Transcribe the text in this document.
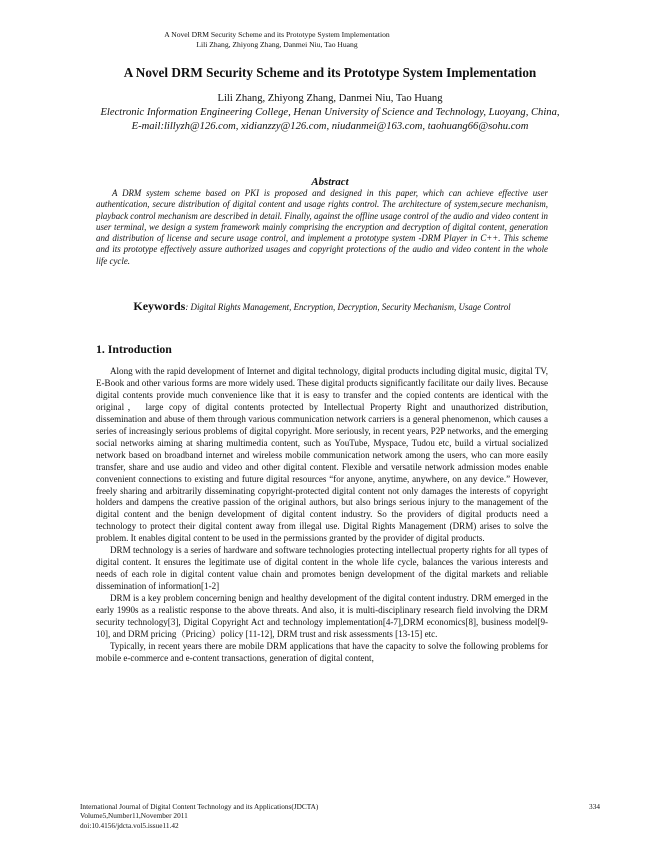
A Novel DRM Security Scheme and its Prototype System Implementation
Lili Zhang, Zhiyong Zhang, Danmei Niu, Tao Huang
A Novel DRM Security Scheme and its Prototype System Implementation
Lili Zhang, Zhiyong Zhang, Danmei Niu, Tao Huang
Electronic Information Engineering College, Henan University of Science and Technology, Luoyang, China,
E-mail:lillyzh@126.com, xidianzzy@126.com, niudanmei@163.com, taohuang66@sohu.com
Abstract
A DRM system scheme based on PKI is proposed and designed in this paper, which can achieve effective user authentication, secure distribution of digital content and usage rights control. The architecture of system,secure mechanism, playback control mechanism are described in detail. Finally, against the offline usage control of the audio and video content in user terminal, we design a system framework mainly comprising the encryption and decryption of digital content, generation and distribution of license and secure usage control, and implement a prototype system -DRM Player in C++. This scheme and its prototype effectively assure authorized usages and copyright protections of the audio and video content in the whole life cycle.
Keywords: Digital Rights Management, Encryption, Decryption, Security Mechanism, Usage Control
1. Introduction

Along with the rapid development of Internet and digital technology, digital products including digital music, digital TV, E-Book and other various forms are more widely used. These digital products significantly facilitate our daily lives. Because digital contents provide much convenience like that it is easy to transfer and the copied contents are identical with the original， large copy of digital contents protected by Intellectual Property Right and unauthorized distribution, dissemination and abuse of them through various communication network carriers is a general phenomenon, which causes a series of increasingly serious problems of digital copyright. More seriously, in recent years, P2P networks, and the emerging social networks aiming at sharing multimedia content, such as YouTube, Myspace, Tudou etc, build a virtual socialized network based on broadband internet and wireless mobile communication network among the users, who can more easily transfer, share and use audio and video and other digital content. Flexible and versatile network admission modes enable convenient connections to existing and future digital resources “for anyone, anytime, anywhere, on any device.” However, freely sharing and arbitrarily disseminating copyright-protected digital content not only damages the interests of copyright holders and dampens the creative passion of the original authors, but also brings serious injury to the management of the digital content and the benign development of digital content industry. So the providers of digital products need a technology to protect their digital content away from illegal use. Digital Rights Management (DRM) arises to solve the problem. It enables digital content to be used in the permissions granted by the provider of digital products.

DRM technology is a series of hardware and software technologies protecting intellectual property rights for all types of digital content. It ensures the legitimate use of digital content in the whole life cycle, balances the various interests and needs of each role in digital content value chain and promotes benign development of the digital markets and reliable dissemination of information[1-2]

DRM is a key problem concerning benign and healthy development of the digital content industry. DRM emerged in the early 1990s as a realistic response to the above threats. And also, it is multi-disciplinary research field involving the DRM security technology[3], Digital Copyright Act and technology implementation[4-7],DRM economics[8], business model[9-10], and DRM pricing（Pricing）policy [11-12], DRM trust and risk assessments [13-15] etc.

Typically, in recent years there are mobile DRM applications that have the capacity to solve the following problems for mobile e-commerce and e-content transactions, generation of digital content,

International Journal of Digital Content Technology and its Applications(JDCTA)
Volume5,Number11,November 2011
doi:10.4156/jdcta.vol5.issue11.42
334
